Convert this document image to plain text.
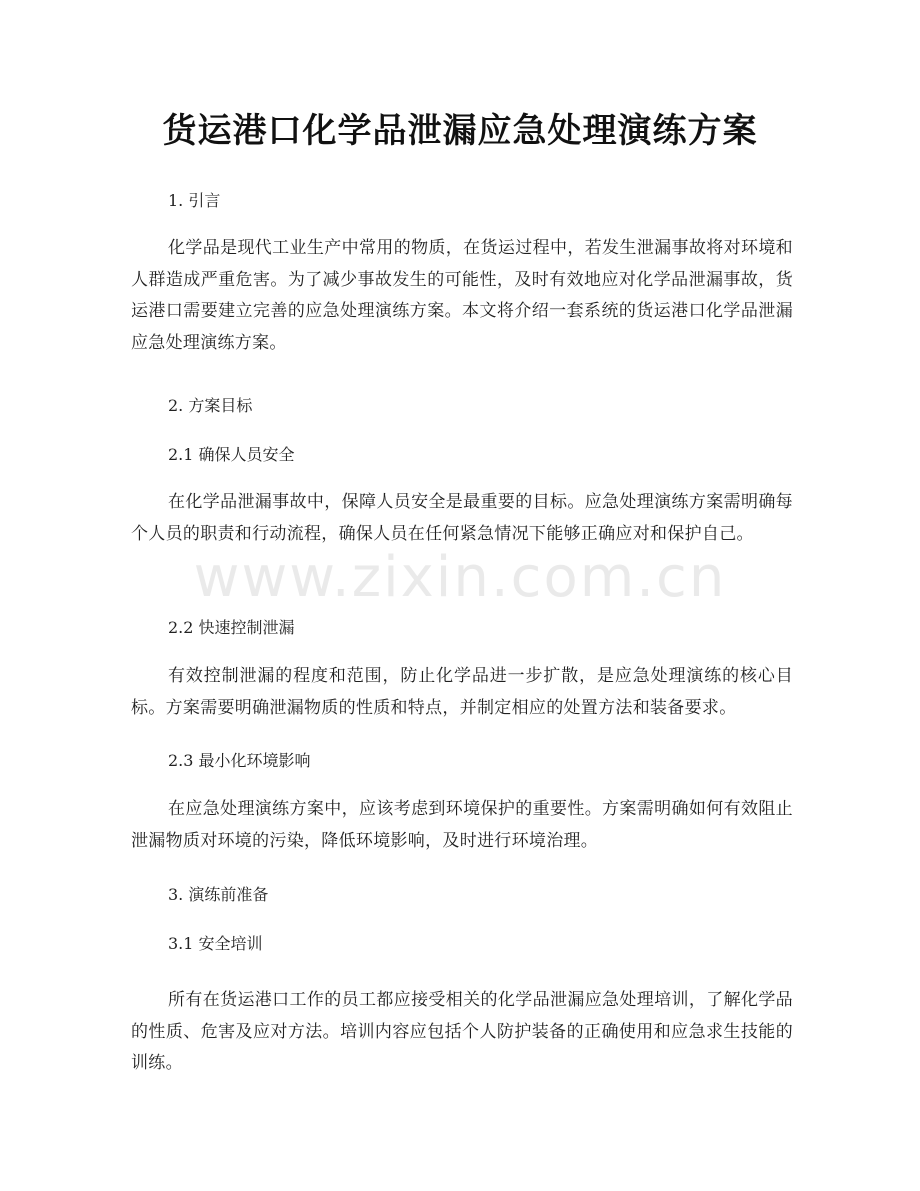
www.zixin.com.cn
货运港口化学品泄漏应急处理演练方案
1. 引言
化学品是现代工业生产中常用的物质，在货运过程中，若发生泄漏事故将对环境和人群造成严重危害。为了减少事故发生的可能性，及时有效地应对化学品泄漏事故，货运港口需要建立完善的应急处理演练方案。本文将介绍一套系统的货运港口化学品泄漏应急处理演练方案。
2. 方案目标
2.1 确保人员安全
在化学品泄漏事故中，保障人员安全是最重要的目标。应急处理演练方案需明确每个人员的职责和行动流程，确保人员在任何紧急情况下能够正确应对和保护自己。
2.2 快速控制泄漏
有效控制泄漏的程度和范围，防止化学品进一步扩散，是应急处理演练的核心目标。方案需要明确泄漏物质的性质和特点，并制定相应的处置方法和装备要求。
2.3 最小化环境影响
在应急处理演练方案中，应该考虑到环境保护的重要性。方案需明确如何有效阻止泄漏物质对环境的污染，降低环境影响，及时进行环境治理。
3. 演练前准备
3.1 安全培训
所有在货运港口工作的员工都应接受相关的化学品泄漏应急处理培训，了解化学品的性质、危害及应对方法。培训内容应包括个人防护装备的正确使用和应急求生技能的训练。
